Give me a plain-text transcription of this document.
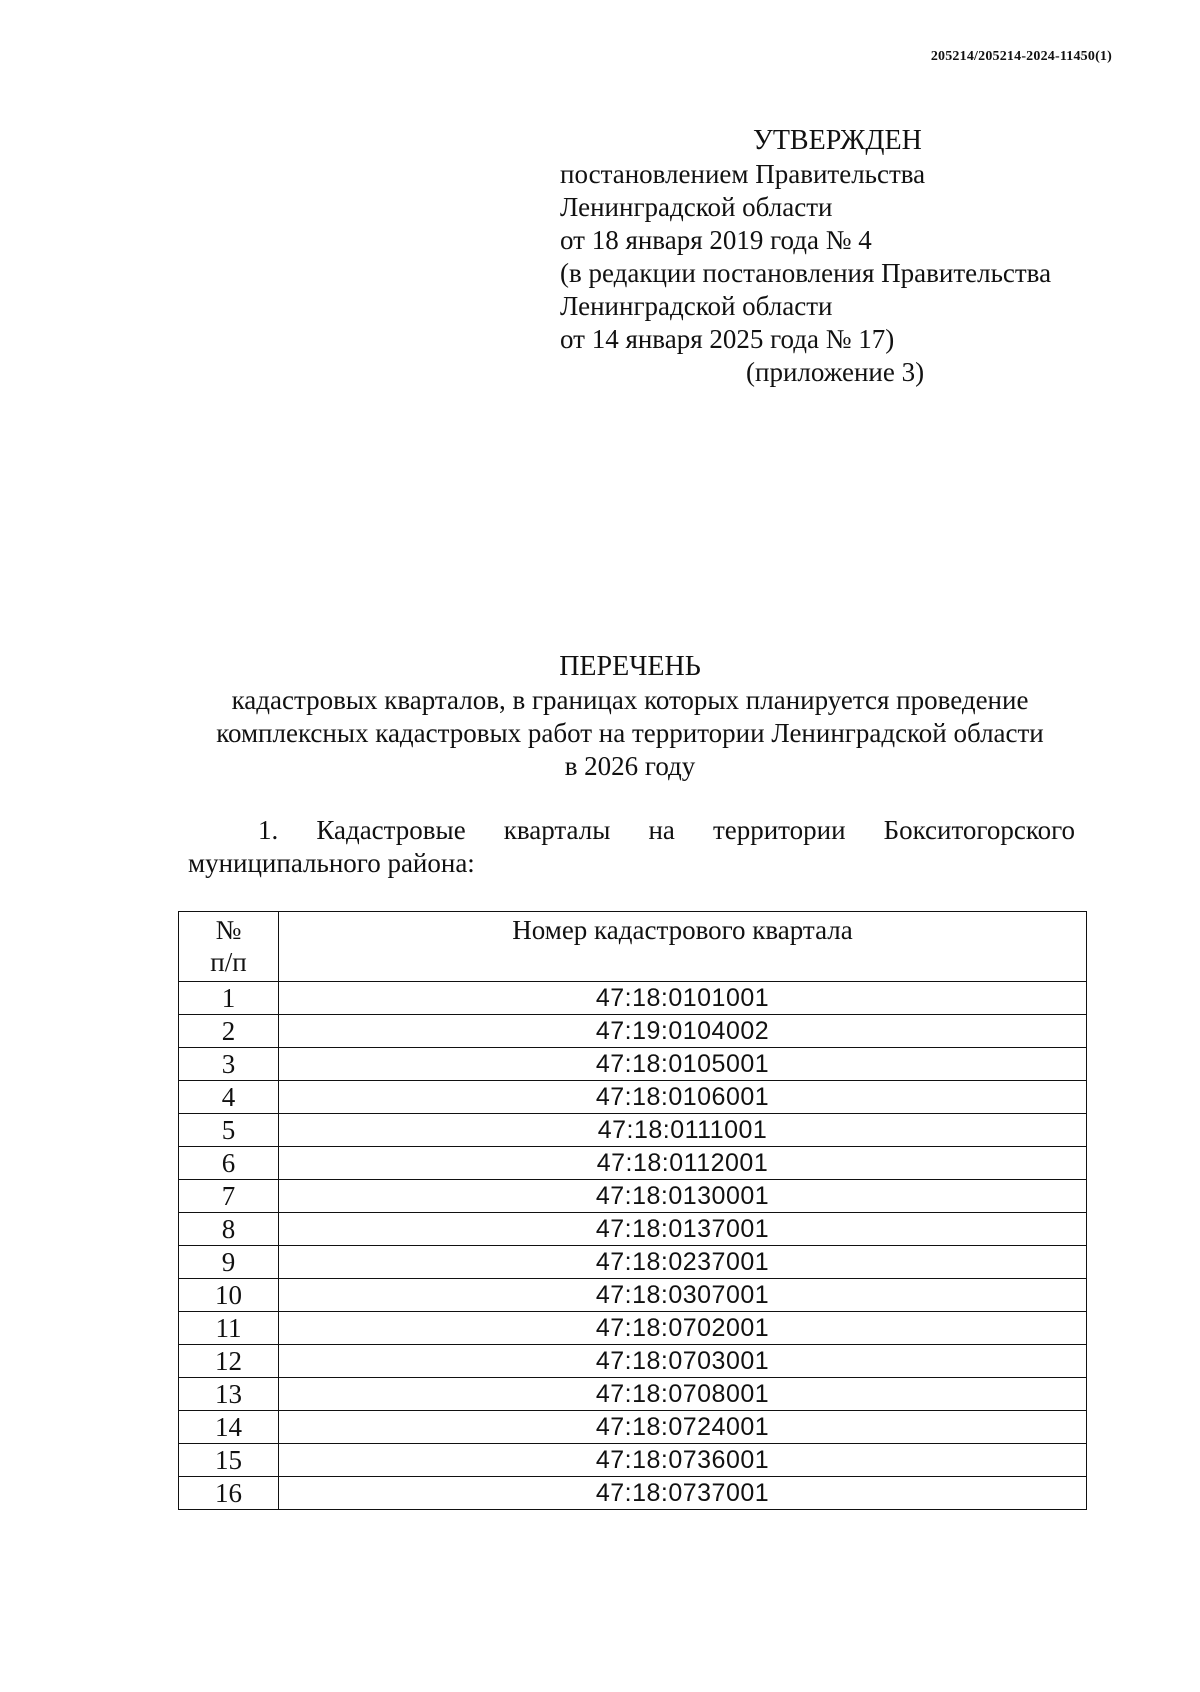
205214/205214-2024-11450(1)
УТВЕРЖДЕН
постановлением Правительства
Ленинградской области
от 18 января 2019 года № 4
(в редакции постановления Правительства
Ленинградской области
от 14 января 2025 года № 17)
(приложение 3)
ПЕРЕЧЕНЬ
кадастровых кварталов, в границах которых планируется проведение
комплексных кадастровых работ на территории Ленинградской области
в 2026 году
1. Кадастровые кварталы на территории Бокситогорского
муниципального района:
№
п/п	Номер кадастрового квартала
1	47:18:0101001
2	47:19:0104002
3	47:18:0105001
4	47:18:0106001
5	47:18:0111001
6	47:18:0112001
7	47:18:0130001
8	47:18:0137001
9	47:18:0237001
10	47:18:0307001
11	47:18:0702001
12	47:18:0703001
13	47:18:0708001
14	47:18:0724001
15	47:18:0736001
16	47:18:0737001
